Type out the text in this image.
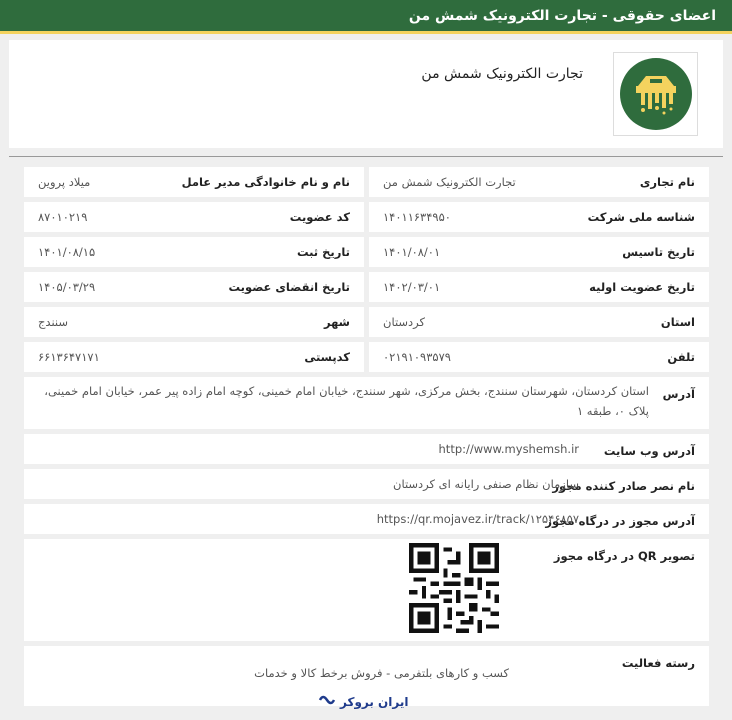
اعضای حقوقی - تجارت الکترونیک شمش من
تجارت الکترونیک شمش من
نام تجاری
تجارت الکترونیک شمش من
نام و نام خانوادگی مدیر عامل
میلاد پروین
شناسه ملی شرکت
۱۴۰۱۱۶۳۴۹۵۰
کد عضویت
۸۷۰۱۰۲۱۹
تاریخ تاسیس
۱۴۰۱/۰۸/۰۱
تاریخ ثبت
۱۴۰۱/۰۸/۱۵
تاریخ عضویت اولیه
۱۴۰۲/۰۳/۰۱
تاریخ انقضای عضویت
۱۴۰۵/۰۳/۲۹
استان
کردستان
شهر
سنندج
تلفن
۰۲۱۹۱۰۹۳۵۷۹
کدپستی
۶۶۱۳۶۴۷۱۷۱
آدرس
استان کردستان، شهرستان سنندج، بخش مرکزی، شهر سنندج، خیابان امام خمینی، کوچه امام زاده پیر عمر، خیابان امام خمینی، پلاک ۰، طبقه ۱
آدرس وب سایت
http://www.myshemsh.ir
نام نصر صادر کننده مجوز
سازمان نظام صنفی رایانه ای کردستان
آدرس مجوز در درگاه مجوز
https://qr.mojavez.ir/track/۱۲۵۴۶۸۵۷
تصویر QR در درگاه مجوز
رسته فعالیت
کسب و کارهای بلتفرمی - فروش برخط کالا و خدمات
ایران بروکر
